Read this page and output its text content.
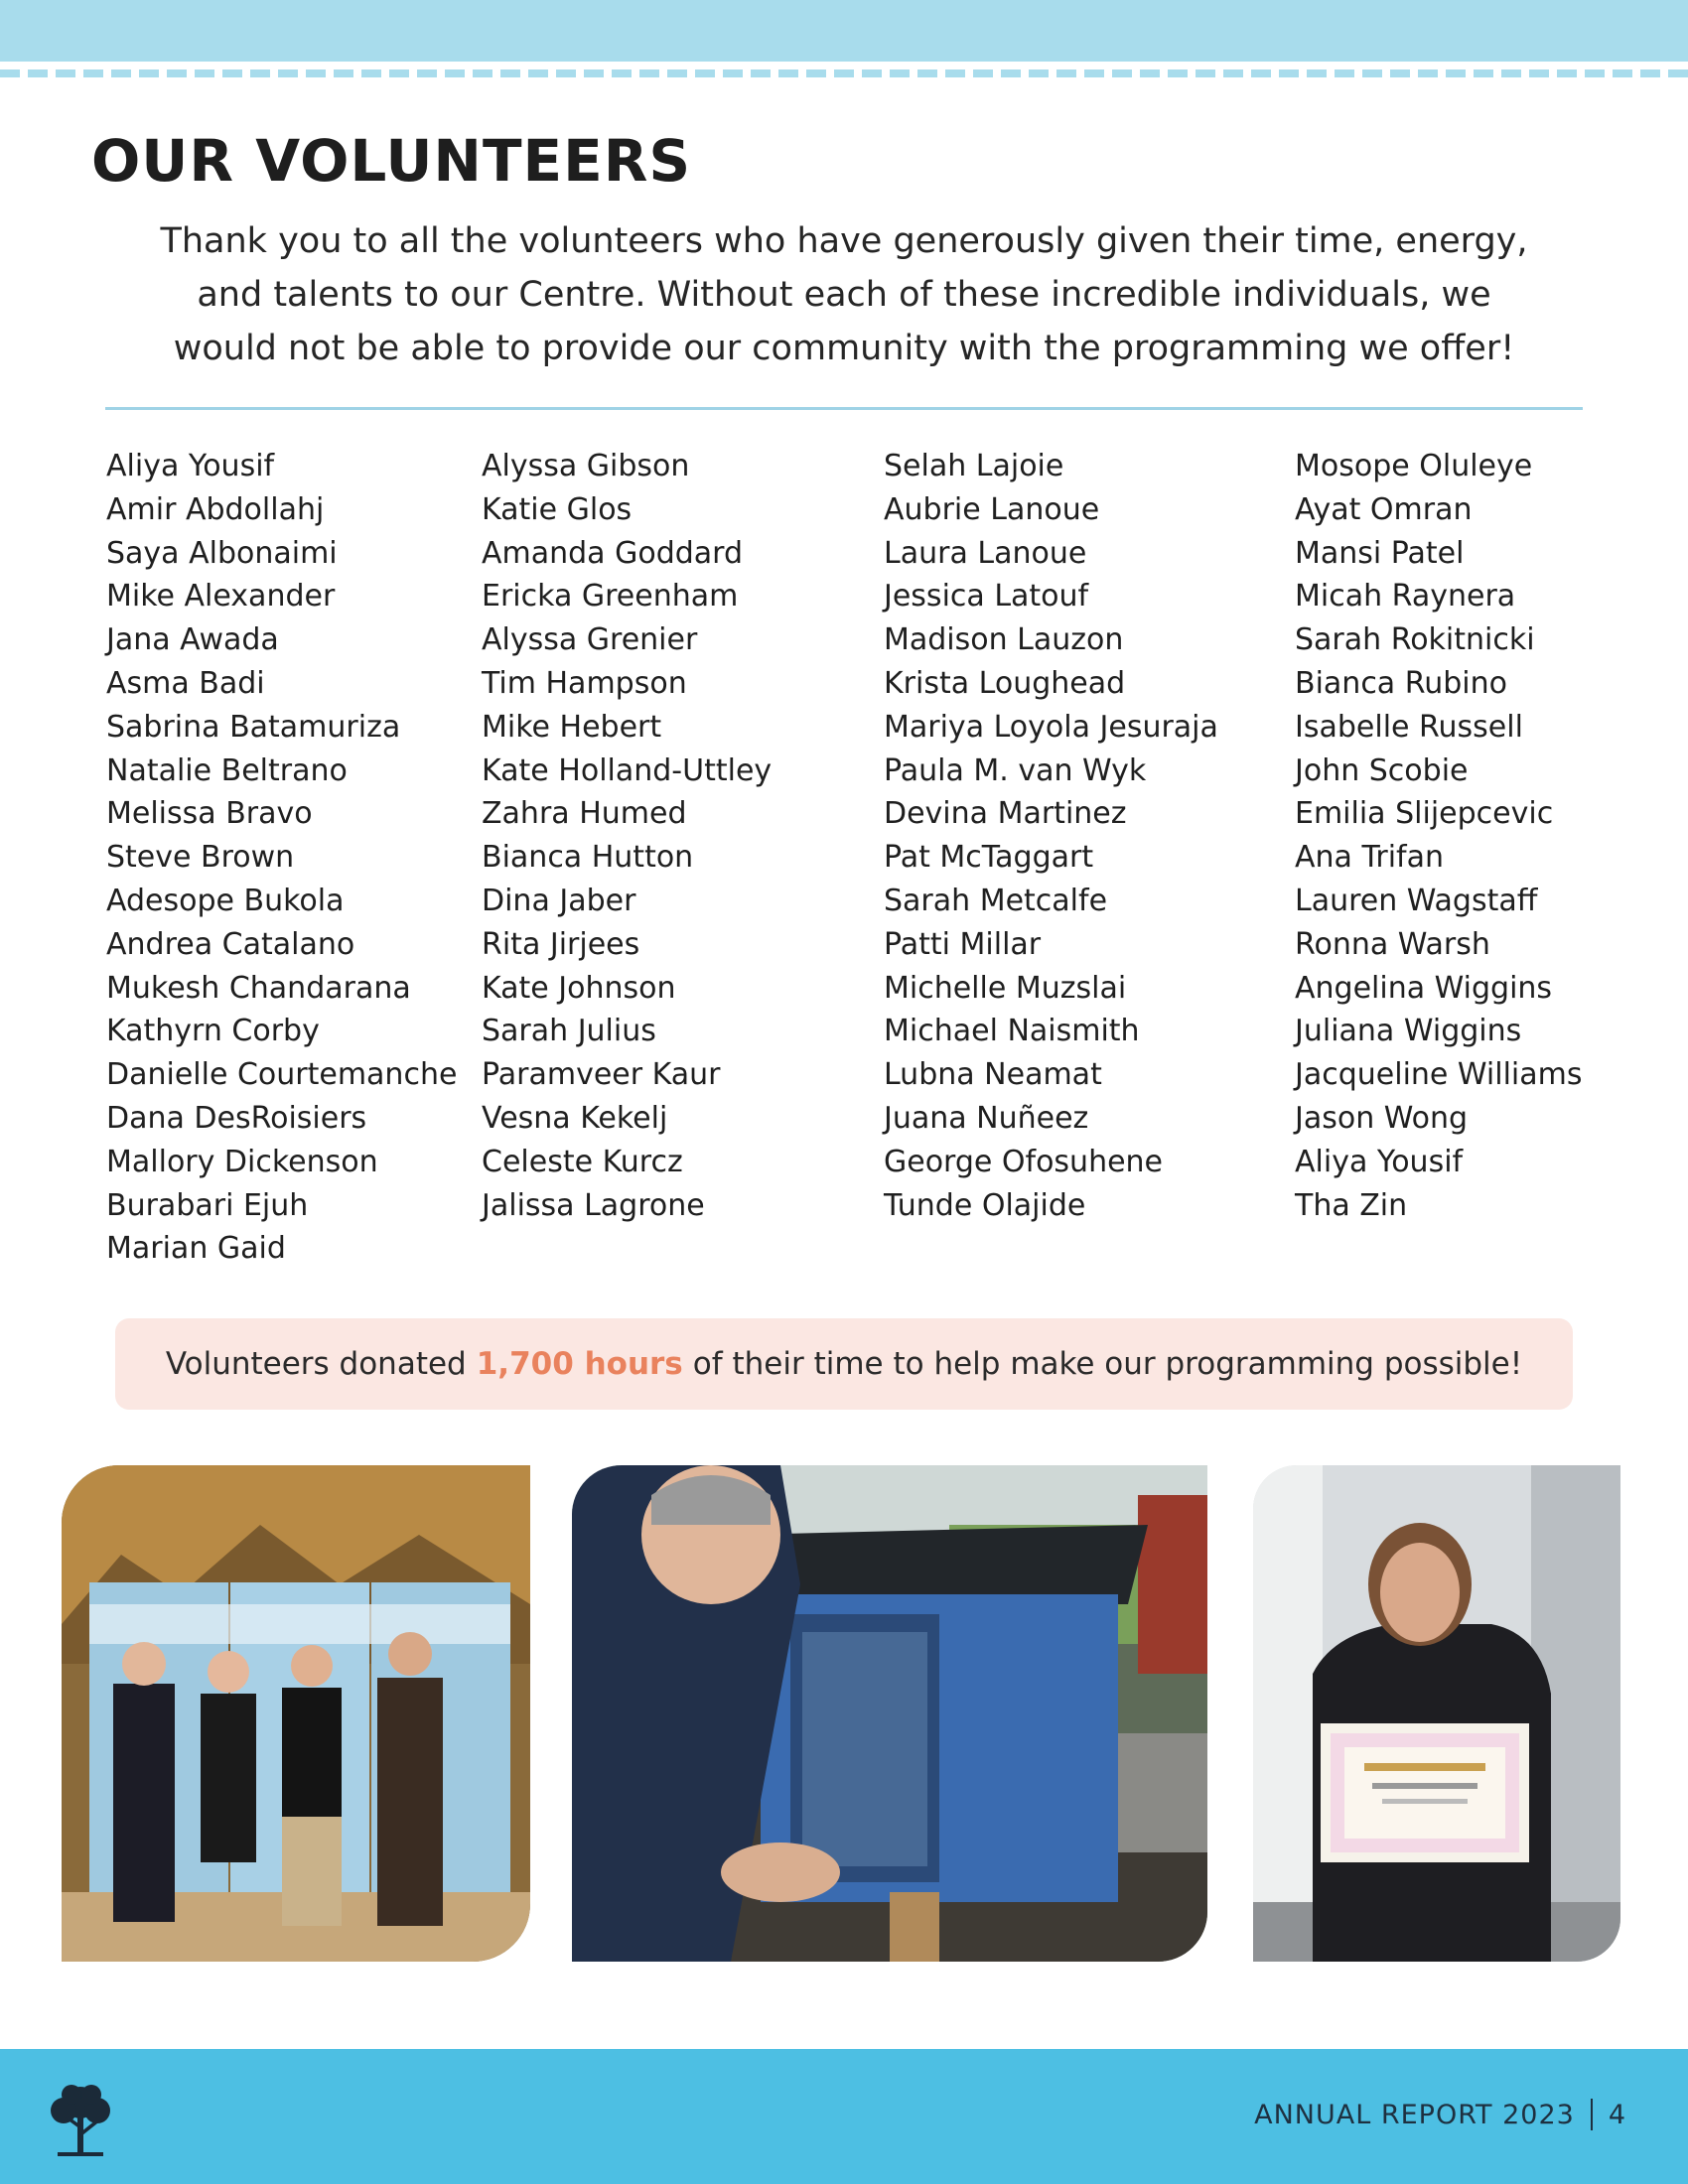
OUR VOLUNTEERS
Thank you to all the volunteers who have generously given their time, energy,
and talents to our Centre. Without each of these incredible individuals, we
would not be able to provide our community with the programming we offer!
Aliya Yousif
Amir Abdollahj
Saya Albonaimi
Mike Alexander
Jana Awada
Asma Badi
Sabrina Batamuriza
Natalie Beltrano
Melissa Bravo
Steve Brown
Adesope Bukola
Andrea Catalano
Mukesh Chandarana
Kathyrn Corby
Danielle Courtemanche
Dana DesRoisiers
Mallory Dickenson
Burabari Ejuh
Marian Gaid
Alyssa Gibson
Katie Glos
Amanda Goddard
Ericka Greenham
Alyssa Grenier
Tim Hampson
Mike Hebert
Kate Holland-Uttley
Zahra Humed
Bianca Hutton
Dina Jaber
Rita Jirjees
Kate Johnson
Sarah Julius
Paramveer Kaur
Vesna Kekelj
Celeste Kurcz
Jalissa Lagrone
Selah Lajoie
Aubrie Lanoue
Laura Lanoue
Jessica Latouf
Madison Lauzon
Krista Loughead
Mariya Loyola Jesuraja
Paula M. van Wyk
Devina Martinez
Pat McTaggart
Sarah Metcalfe
Patti Millar
Michelle Muzslai
Michael Naismith
Lubna Neamat
Juana Nuñeez
George Ofosuhene
Tunde Olajide
Mosope Oluleye
Ayat Omran
Mansi Patel
Micah Raynera
Sarah Rokitnicki
Bianca Rubino
Isabelle Russell
John Scobie
Emilia Slijepcevic
Ana Trifan
Lauren Wagstaff
Ronna Warsh
Angelina Wiggins
Juliana Wiggins
Jacqueline Williams
Jason Wong
Aliya Yousif
Tha Zin
Volunteers donated 1,700 hours of their time to help make our programming possible!
ANNUAL REPORT 2023 4
